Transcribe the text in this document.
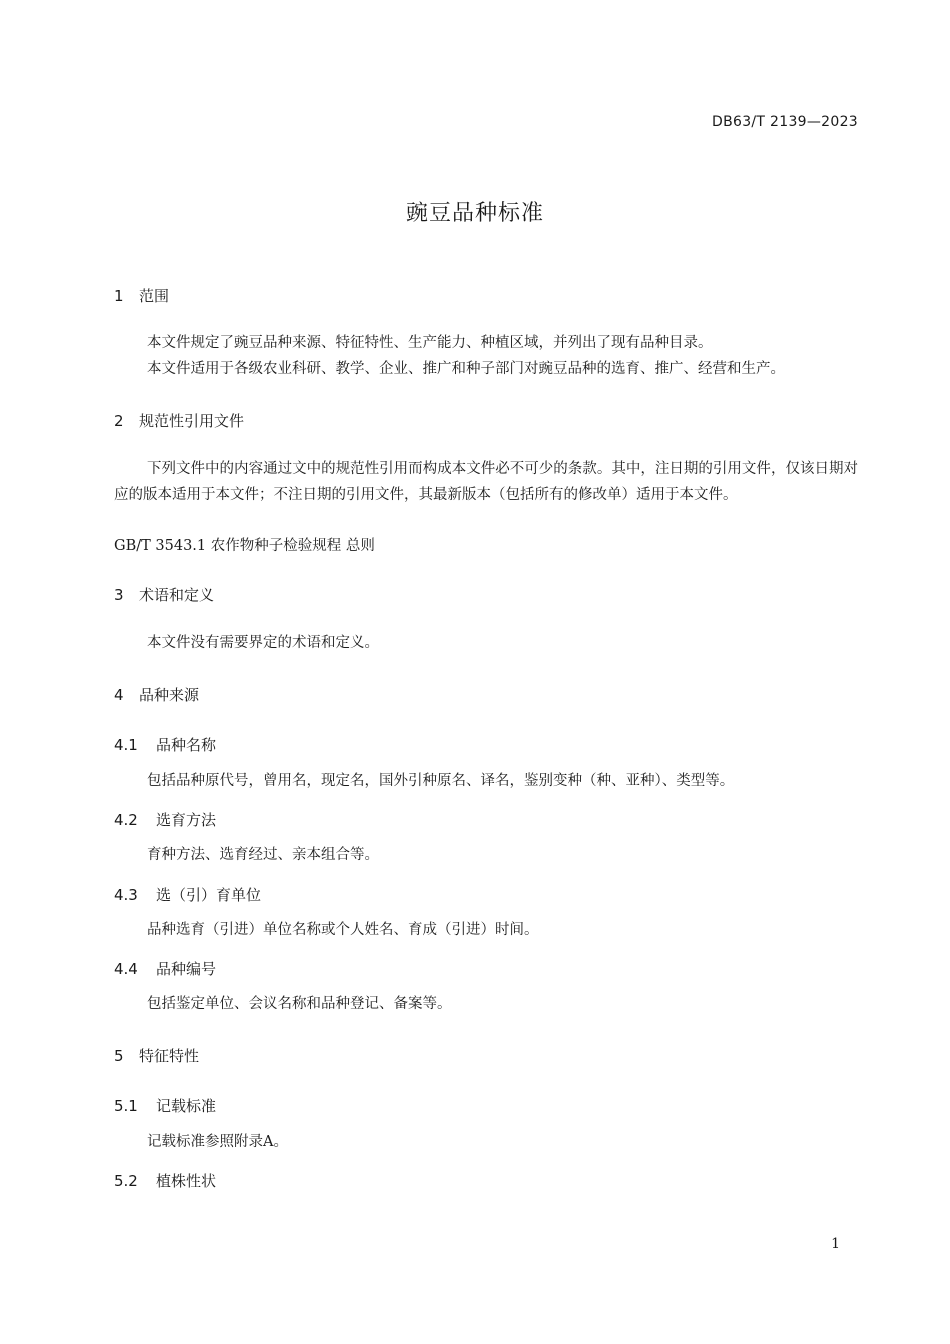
DB63/T 2139—2023
豌豆品种标准
1	范围

本文件规定了豌豆品种来源、特征特性、生产能力、种植区域，并列出了现有品种目录。

本文件适用于各级农业科研、教学、企业、推广和种子部门对豌豆品种的选育、推广、经营和生产。

2	规范性引用文件

下列文件中的内容通过文中的规范性引用而构成本文件必不可少的条款。其中，注日期的引用文件，仅该日期对应的版本适用于本文件；不注日期的引用文件，其最新版本（包括所有的修改单）适用于本文件。

GB/T 3543.1 农作物种子检验规程 总则

3	术语和定义

本文件没有需要界定的术语和定义。

4	品种来源
4.1	品种名称

包括品种原代号，曾用名，现定名，国外引种原名、译名，鉴别变种（种、亚种）、类型等。

4.2	选育方法

育种方法、选育经过、亲本组合等。

4.3	选（引）育单位

品种选育（引进）单位名称或个人姓名、育成（引进）时间。

4.4	品种编号

包括鉴定单位、会议名称和品种登记、备案等。

5	特征特性
5.1	记载标准

记载标准参照附录A。

5.2	植株性状
1
